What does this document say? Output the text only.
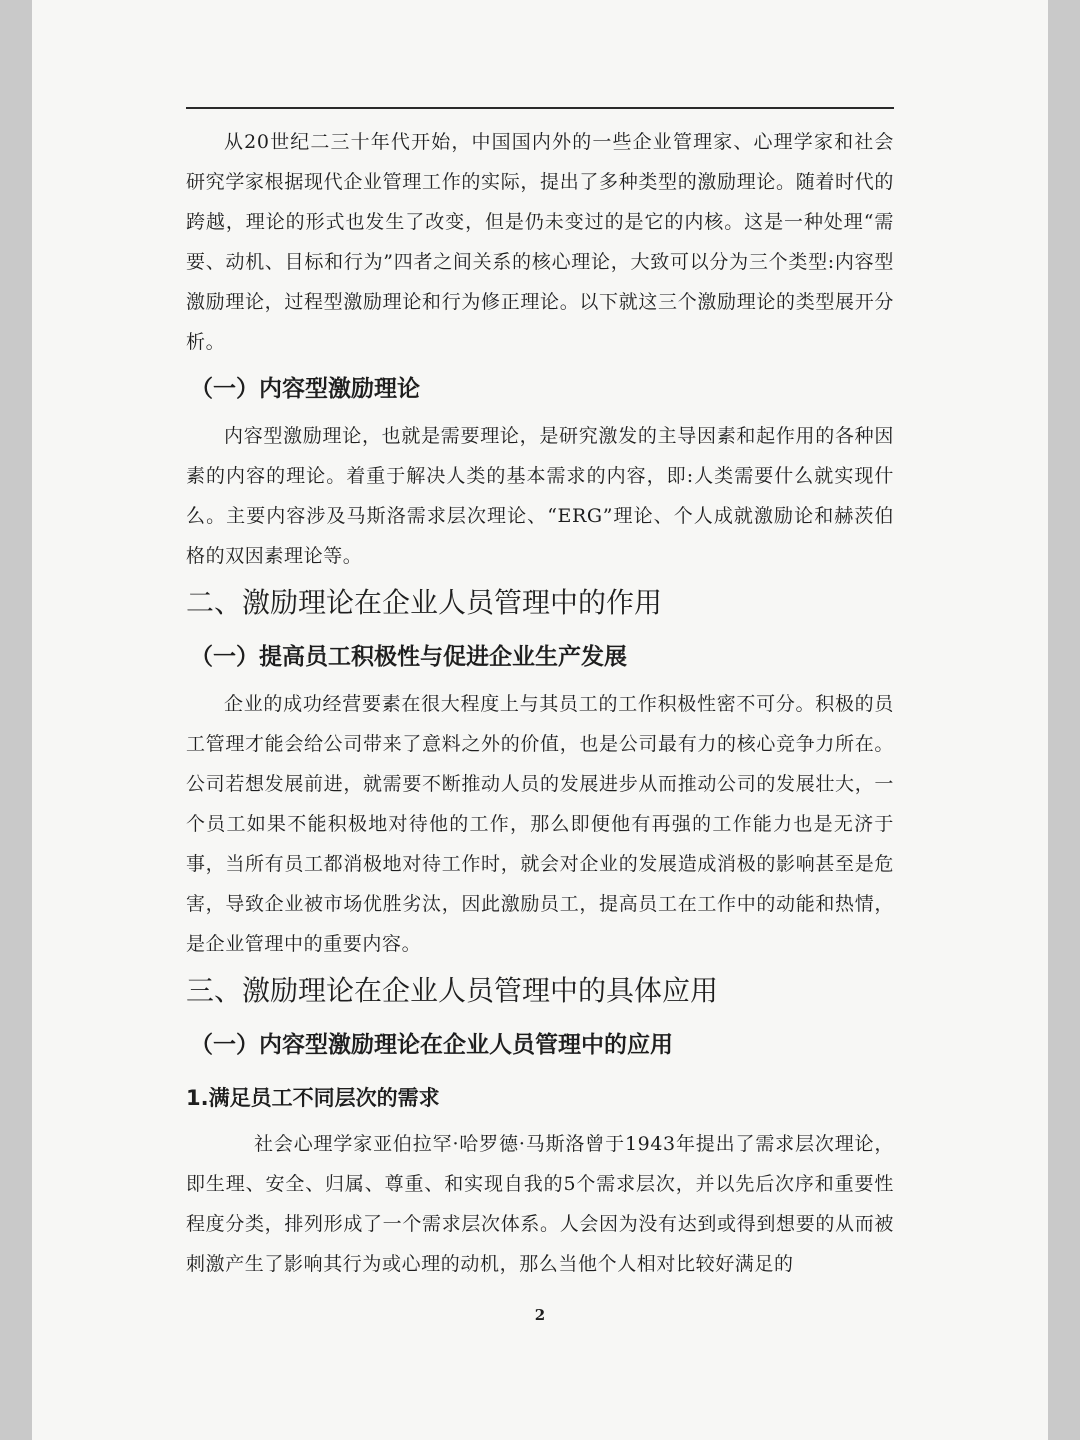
从20世纪二三十年代开始，中国国内外的一些企业管理家、心理学家和社会研究学家根据现代企业管理工作的实际，提出了多种类型的激励理论。随着时代的跨越，理论的形式也发生了改变，但是仍未变过的是它的内核。这是一种处理“需要、动机、目标和行为”四者之间关系的核心理论，大致可以分为三个类型:内容型激励理论，过程型激励理论和行为修正理论。以下就这三个激励理论的类型展开分析。

（一）内容型激励理论

内容型激励理论，也就是需要理论，是研究激发的主导因素和起作用的各种因素的内容的理论。着重于解决人类的基本需求的内容，即:人类需要什么就实现什么。主要内容涉及马斯洛需求层次理论、“ERG”理论、个人成就激励论和赫茨伯格的双因素理论等。

二、激励理论在企业人员管理中的作用
（一）提高员工积极性与促进企业生产发展

企业的成功经营要素在很大程度上与其员工的工作积极性密不可分。积极的员工管理才能会给公司带来了意料之外的价值，也是公司最有力的核心竞争力所在。公司若想发展前进，就需要不断推动人员的发展进步从而推动公司的发展壮大，一个员工如果不能积极地对待他的工作，那么即便他有再强的工作能力也是无济于事，当所有员工都消极地对待工作时，就会对企业的发展造成消极的影响甚至是危害，导致企业被市场优胜劣汰，因此激励员工，提高员工在工作中的动能和热情，是企业管理中的重要内容。

三、激励理论在企业人员管理中的具体应用
（一）内容型激励理论在企业人员管理中的应用
1.满足员工不同层次的需求

社会心理学家亚伯拉罕·哈罗德·马斯洛曾于1943年提出了需求层次理论，即生理、安全、归属、尊重、和实现自我的5个需求层次，并以先后次序和重要性程度分类，排列形成了一个需求层次体系。人会因为没有达到或得到想要的从而被刺激产生了影响其行为或心理的动机，那么当他个人相对比较好满足的

2
